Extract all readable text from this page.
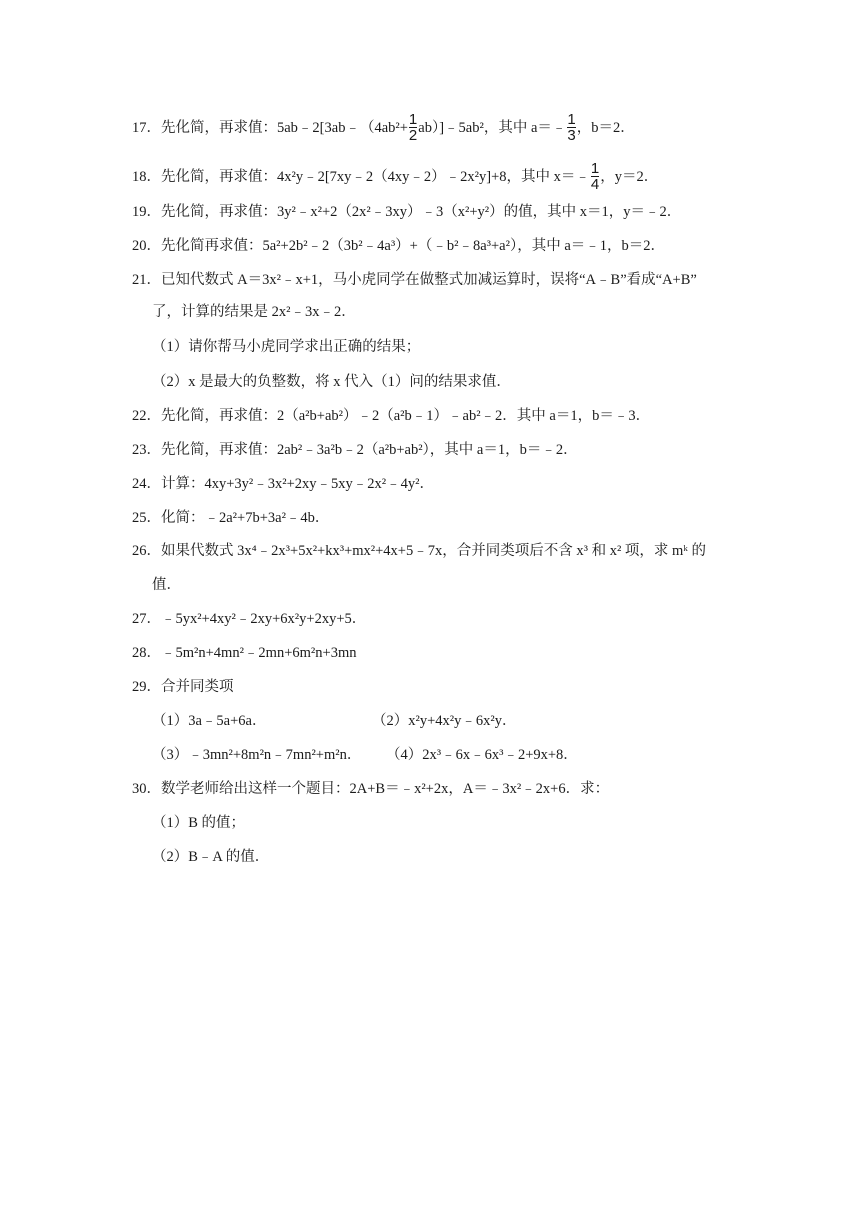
17．先化简，再求值：5ab﹣2[3ab﹣（4ab²+ $\frac{1}{2}$ ab）]﹣5ab²，其中 a＝﹣ $\frac{1}{3}$ ，b＝2．
18．先化简，再求值：4x²y﹣2[7xy﹣2（4xy﹣2）﹣2x²y]+8，其中 x＝﹣ $\frac{1}{4}$ ，y＝2．
19．先化简，再求值：3y²﹣x²+2（2x²﹣3xy）﹣3（x²+y²）的值，其中 x＝1，y＝﹣2．
20．先化简再求值：5a²+2b²﹣2（3b²﹣4a³）+（﹣b²﹣8a³+a²），其中 a＝﹣1，b＝2．
21．已知代数式 A＝3x²﹣x+1，马小虎同学在做整式加减运算时，误将“A﹣B”看成“A+B”
了，计算的结果是 2x²﹣3x﹣2．
（1）请你帮马小虎同学求出正确的结果；
（2）x 是最大的负整数，将 x 代入（1）问的结果求值．
22．先化简，再求值：2（a²b+ab²）﹣2（a²b﹣1）﹣ab²﹣2．其中 a＝1，b＝﹣3．
23．先化简，再求值：2ab²﹣3a²b﹣2（a²b+ab²），其中 a＝1，b＝﹣2．
24．计算：4xy+3y²﹣3x²+2xy﹣5xy﹣2x²﹣4y²．
25．化简：﹣2a²+7b+3a²﹣4b．
26．如果代数式 3x⁴﹣2x³+5x²+kx³+mx²+4x+5﹣7x，合并同类项后不含 x³ 和 x² 项，求 mᵏ 的
值．
27．﹣5yx²+4xy²﹣2xy+6x²y+2xy+5．
28．﹣5m²n+4mn²﹣2mn+6m²n+3mn
29．合并同类项
（1）3a﹣5a+6a．	（2）x²y+4x²y﹣6x²y．
（3）﹣3mn²+8m²n﹣7mn²+m²n． （4）2x³﹣6x﹣6x³﹣2+9x+8．
30．数学老师给出这样一个题目：2A+B＝﹣x²+2x，A＝﹣3x²﹣2x+6．求：
（1）B 的值；
（2）B﹣A 的值．
